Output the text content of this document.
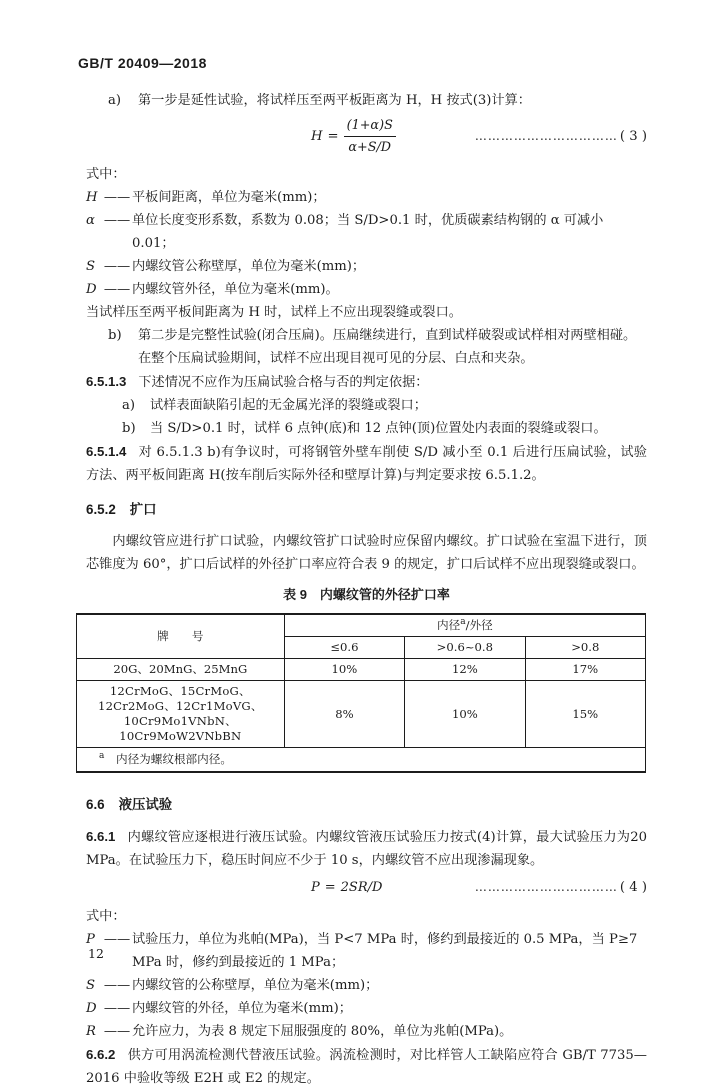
GB/T 20409—2018
a)	第一步是延性试验，将试样压至两平板距离为 H，H 按式(3)计算：
$H = \frac{(1+\alpha)S}{\alpha+S/D}$	…………………………… ( 3 )
式中：
H —— 平板间距离，单位为毫米(mm)；
α —— 单位长度变形系数，系数为 0.08；当 S/D>0.1 时，优质碳素结构钢的 α 可减小 0.01；
S —— 内螺纹管公称壁厚，单位为毫米(mm)；
D —— 内螺纹管外径，单位为毫米(mm)。
当试样压至两平板间距离为 H 时，试样上不应出现裂缝或裂口。
b)	第二步是完整性试验(闭合压扁)。压扁继续进行，直到试样破裂或试样相对两壁相碰。在整个压扁试验期间，试样不应出现目视可见的分层、白点和夹杂。

6.5.1.3 下述情况不应作为压扁试验合格与否的判定依据：

a)	试样表面缺陷引起的无金属光泽的裂缝或裂口；
b)	当 S/D>0.1 时，试样 6 点钟(底)和 12 点钟(顶)位置处内表面的裂缝或裂口。

6.5.1.4 对 6.5.1.3 b)有争议时，可将钢管外壁车削使 S/D 减小至 0.1 后进行压扁试验，试验方法、两平板间距离 H(按车削后实际外径和壁厚计算)与判定要求按 6.5.1.2。

6.5.2 扩口

内螺纹管应进行扩口试验，内螺纹管扩口试验时应保留内螺纹。扩口试验在室温下进行，顶芯锥度为 60°，扩口后试样的外径扩口率应符合表 9 的规定，扩口后试样不应出现裂缝或裂口。

表 9　内螺纹管的外径扩口率
牌　　号	内径$^a$/外径		
	≤0.6	>0.6~0.8	>0.8
20G、20MnG、25MnG	10%	12%	17%
12CrMoG、15CrMoG、12Cr2MoG、12Cr1MoVG、10Cr9Mo1VNbN、10Cr9MoW2VNbBN	8%	10%	15%
$^a$　内径为螺纹根部内径。			
6.6 液压试验

6.6.1 内螺纹管应逐根进行液压试验。内螺纹管液压试验压力按式(4)计算，最大试验压力为20 MPa。在试验压力下，稳压时间应不少于 10 s，内螺纹管不应出现渗漏现象。

P = 2SR/D	…………………………… ( 4 )
式中：
P —— 试验压力，单位为兆帕(MPa)，当 P<7 MPa 时，修约到最接近的 0.5 MPa，当 P≥7 MPa 时，修约到最接近的 1 MPa；
S —— 内螺纹管的公称壁厚，单位为毫米(mm)；
D —— 内螺纹管的外径，单位为毫米(mm)；
R —— 允许应力，为表 8 规定下屈服强度的 80%，单位为兆帕(MPa)。

6.6.2 供方可用涡流检测代替液压试验。涡流检测时，对比样管人工缺陷应符合 GB/T 7735—2016 中验收等级 E2H 或 E2 的规定。

12
